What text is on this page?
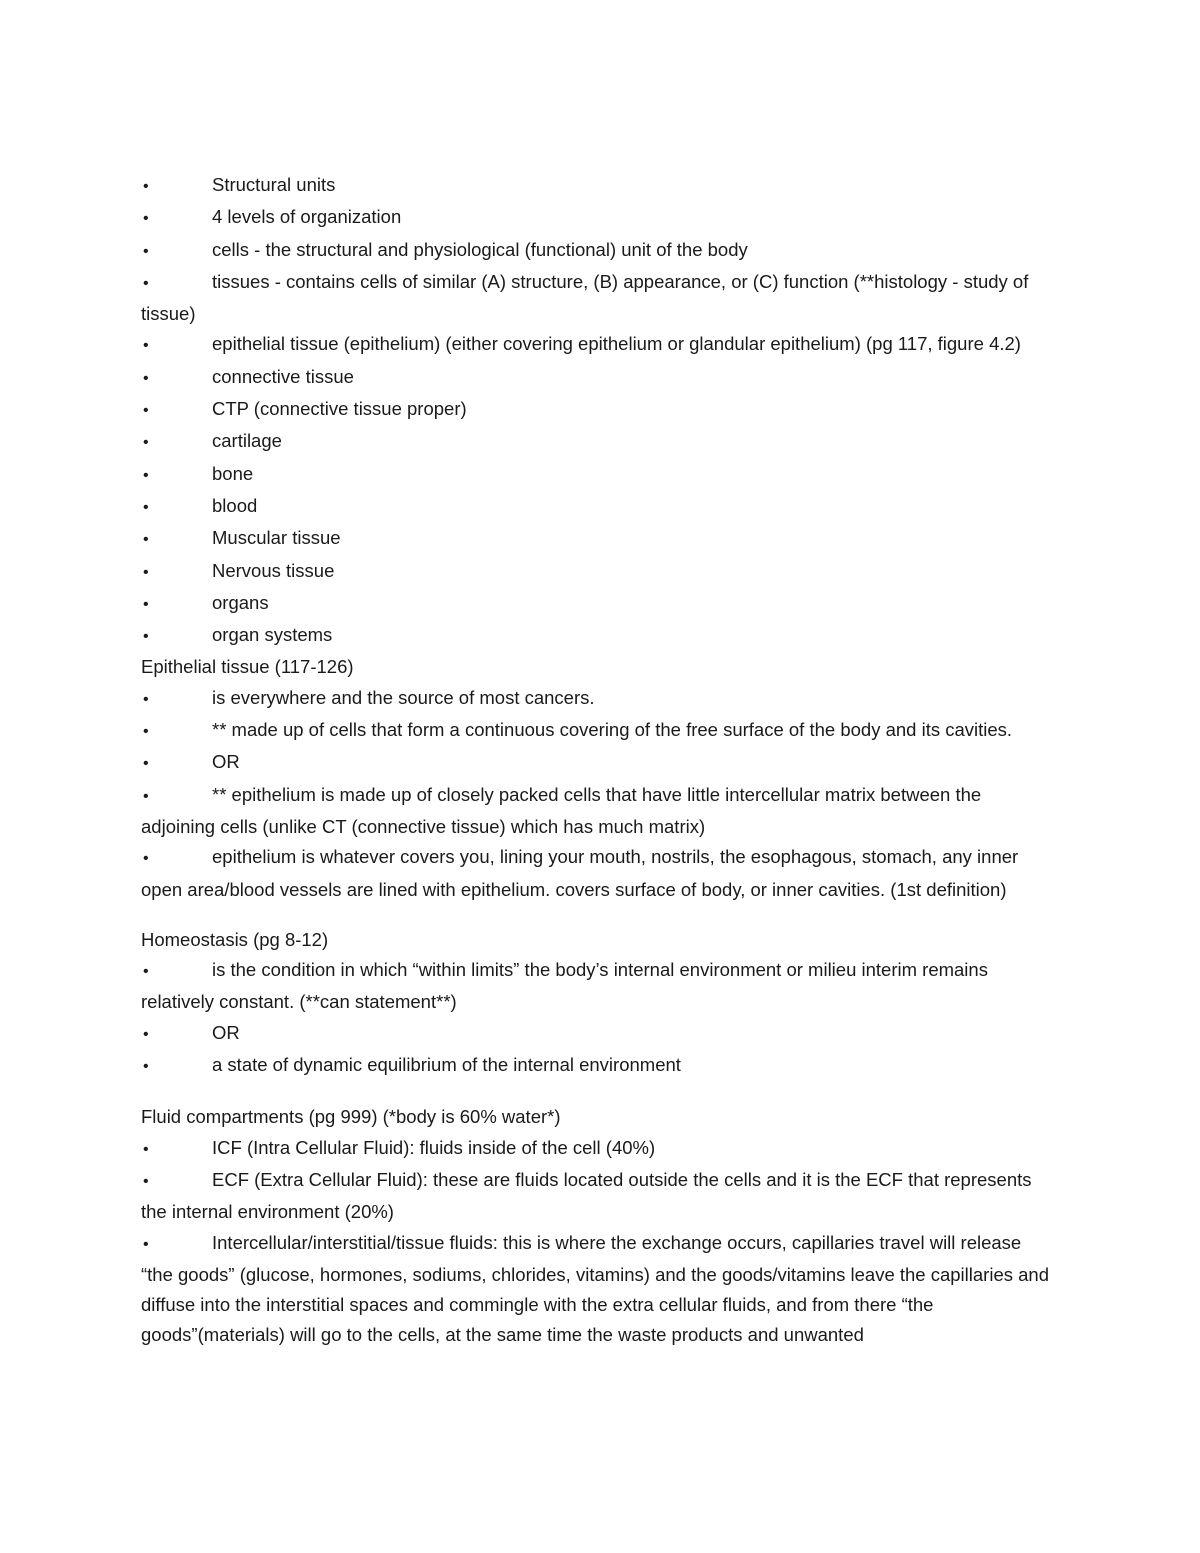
•	Structural units

•	4 levels of organization

•	cells - the structural and physiological (functional) unit of the body

•	tissues - contains cells of similar (A) structure, (B) appearance, or (C) function (**histology - study of tissue)

•	epithelial tissue (epithelium) (either covering epithelium or glandular epithelium) (pg 117, figure 4.2)

•	connective tissue

•	CTP (connective tissue proper)

•	cartilage

•	bone

•	blood

•	Muscular tissue

•	Nervous tissue

•	organs

•	organ systems

Epithelial tissue (117-126)

•	is everywhere and the source of most cancers.

•	** made up of cells that form a continuous covering of the free surface of the body and its cavities.

•	OR

•	** epithelium is made up of closely packed cells that have little intercellular matrix between the adjoining cells (unlike CT (connective tissue) which has much matrix)

•	epithelium is whatever covers you, lining your mouth, nostrils, the esophagous, stomach, any inner open area/blood vessels are lined with epithelium. covers surface of body, or inner cavities. (1st definition)

Homeostasis (pg 8-12)

•	is the condition in which “within limits” the body’s internal environment or milieu interim remains relatively constant. (**can statement**)

•	OR

•	a state of dynamic equilibrium of the internal environment

Fluid compartments (pg 999) (*body is 60% water*)

•	ICF (Intra Cellular Fluid): fluids inside of the cell (40%)

•	ECF (Extra Cellular Fluid): these are fluids located outside the cells and it is the ECF that represents the internal environment (20%)

•	Intercellular/interstitial/tissue fluids: this is where the exchange occurs, capillaries travel will release “the goods” (glucose, hormones, sodiums, chlorides, vitamins) and the goods/vitamins leave the capillaries and diffuse into the interstitial spaces and commingle with the extra cellular fluids, and from there “the goods”(materials) will go to the cells, at the same time the waste products and unwanted
